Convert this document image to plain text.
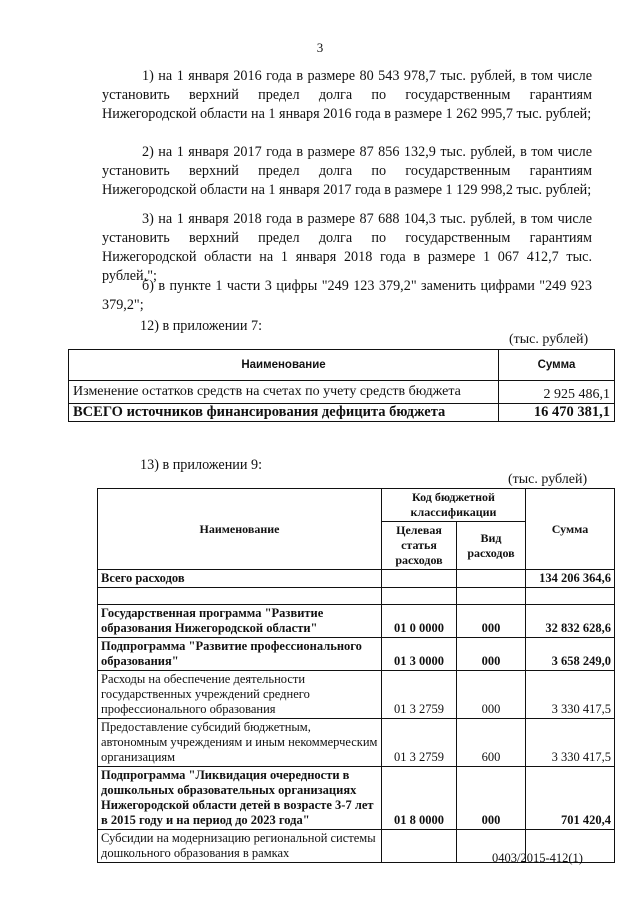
3
1) на 1 января 2016 года в размере 80 543 978,7 тыс. рублей, в том числе установить верхний предел долга по государственным гарантиям Нижегородской области на 1 января 2016 года в размере 1 262 995,7 тыс. рублей;
2) на 1 января 2017 года в размере 87 856 132,9 тыс. рублей, в том числе установить верхний предел долга по государственным гарантиям Нижегородской области на 1 января 2017 года в размере 1 129 998,2 тыс. рублей;
3) на 1 января 2018 года в размере 87 688 104,3 тыс. рублей, в том числе установить верхний предел долга по государственным гарантиям Нижегородской области на 1 января 2018 года в размере 1 067 412,7 тыс. рублей.";
б) в пункте 1 части 3 цифры "249 123 379,2" заменить цифрами "249 923 379,2";
12) в приложении 7:
(тыс. рублей)
Наименование	Сумма
Изменение остатков средств на счетах по учету средств бюджета	2 925 486,1
ВСЕГО источников финансирования дефицита бюджета	16 470 381,1
13) в приложении 9:
(тыс. рублей)
Наименование	Код бюджетной классификации		Сумма
	Целевая статья расходов	Вид расходов	
Всего расходов			134 206 364,6

Государственная программа "Развитие образования Нижегородской области"	01 0 0000	000	32 832 628,6
Подпрограмма "Развитие профессионального образования"	01 3 0000	000	3 658 249,0
Расходы на обеспечение деятельности государственных учреждений среднего профессионального образования	01 3 2759	000	3 330 417,5
Предоставление субсидий бюджетным, автономным учреждениям и иным некоммерческим организациям	01 3 2759	600	3 330 417,5
Подпрограмма "Ликвидация очередности в дошкольных образовательных организациях Нижегородской области детей в возрасте 3-7 лет в 2015 году и на период до 2023 года"	01 8 0000	000	701 420,4
Субсидии на модернизацию региональной системы дошкольного образования в рамках				0403/2015-412(1)
